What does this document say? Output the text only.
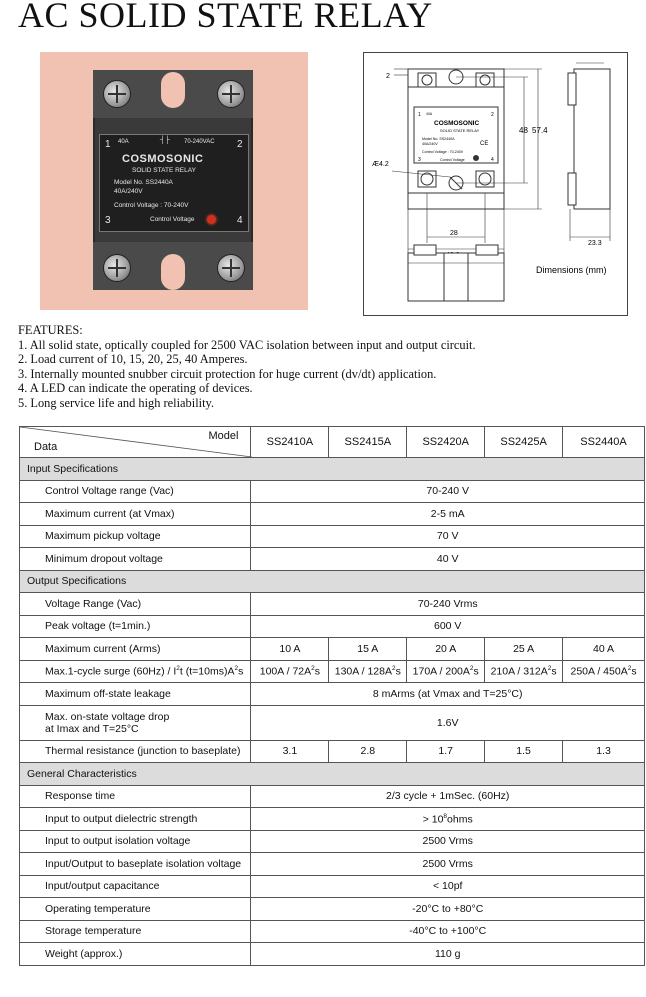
AC SOLID STATE RELAY
1 40A	┤├ 70-240VAC 2
COSMOSONIC
SOLID STATE RELAY
Model No. SS2440A
40A/240V
Control Voltage : 70-240V
3	Control Voltage	4
1 40A	2
COSMOSONIC
SOLID STATE RELAY
Model No. SS2440A
40A/240V	CE
Control Voltage : 70-240V
3	Control Voltage	4
2
48 57.4
Æ4.2
28
23.3
Dimensions (mm)
FEATURES:
1. All solid state, optically coupled for 2500 VAC isolation between input and output circuit.
2. Load current of 10, 15, 20, 25, 40 Amperes.
3. Internally mounted snubber circuit protection for huge current (dv/dt) application.
4. A LED can indicate the operating of devices.
5. Long service life and high reliability.
Model
Data	SS2410A	SS2415A	SS2420A	SS2425A	SS2440A
Input Specifications					
Control Voltage range (Vac)	70-240 V				
Maximum current (at Vmax)	2-5 mA				
Maximum pickup voltage	70 V				
Minimum dropout voltage	40 V				
Output Specifications					
Voltage Range (Vac)	70-240 Vrms				
Peak voltage (t=1min.)	600 V				
Maximum current (Arms)	10 A	15 A	20 A	25 A	40 A
Max.1-cycle surge $(60Hz) / I^2t$ $(t=10ms)A^2s$	$100A / 72A^2s$	$130A / 128A^2s$	$170A / 200A^2s$	$210A / 312A^2s$	$250A / 450A^2s$
Maximum off-state leakage	8 mArms (at Vmax and T=25°C)				

Max. on-state voltage drop
at Imax and T=25°C	1.6V				
Thermal resistance (junction to baseplate)	3.1	2.8	1.7	1.5	1.3
General Characteristics					
Response time	2/3 cycle + 1mSec. (60Hz)				
Input to output dielectric strength	> $10^8ohms$				
Input to output isolation voltage	2500 Vrms				
Input/Output to baseplate isolation voltage	2500 Vrms				
Input/output capacitance	< 10pf				
Operating temperature	-20°C to +80°C				
Storage temperature	-40°C to +100°C				
Weight (approx.)	110 g				
